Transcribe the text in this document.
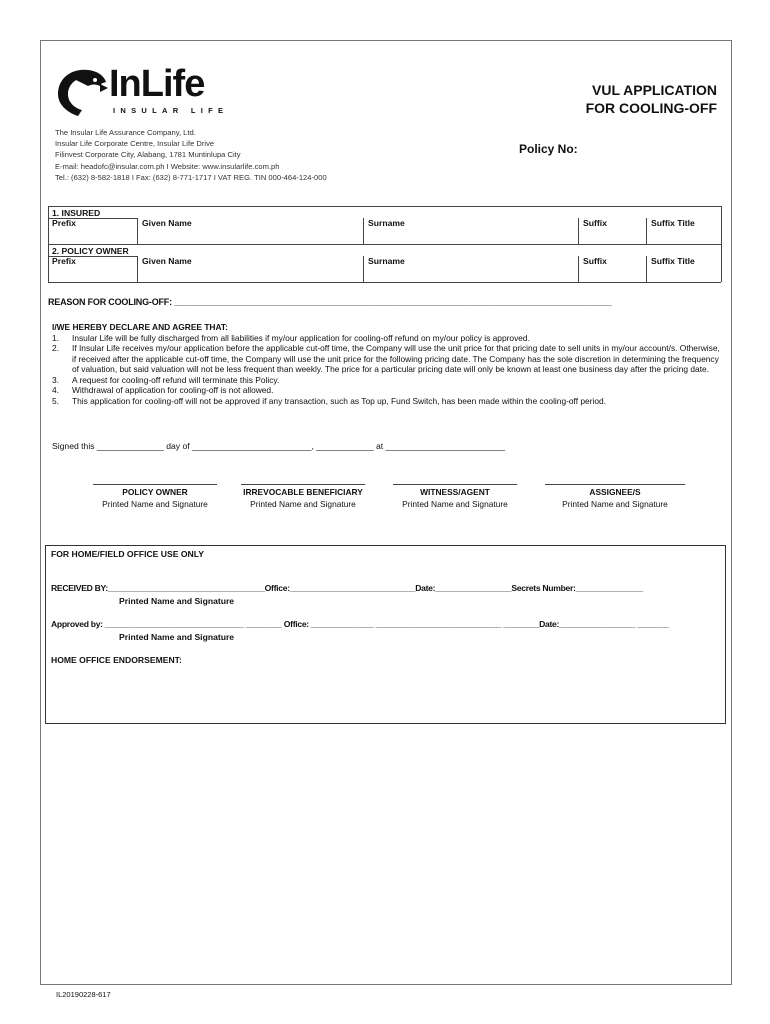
InLife
INSULAR LIFE
The Insular Life Assurance Company, Ltd.
Insular Life Corporate Centre, Insular Life Drive
Filinvest Corporate City, Alabang, 1781 Muntinlupa City
E-mail: headofc@insular.com.ph I Website: www.insularlife.com.ph
Tel.: (632) 8-582-1818 I Fax: (632) 8-771-1717 I VAT REG. TIN 000-464-124-000
VUL APPLICATION
FOR COOLING-OFF
Policy No:
1. INSURED
Prefix	Given Name	Surname	Suffix	Suffix Title
2. POLICY OWNER
Prefix	Given Name	Surname	Suffix	Suffix Title
REASON FOR COOLING-OFF: ___________________________________________________________________________________________
I/WE HEREBY DECLARE AND AGREE THAT:
1.	Insular Life will be fully discharged from all liabilities if my/our application for cooling-off refund on my/our policy is approved.
2.	If Insular Life receives my/our application before the applicable cut-off time, the Company will use the unit price for that pricing date to sell units in my/our account/s. Otherwise, if received after the applicable cut-off time, the Company will use the unit price for the following pricing date. The Company has the sole discretion in determining the frequency of valuation, but said valuation will not be less frequent than weekly. The price for a particular pricing date will only be known at least one business day after the pricing date.
3.	A request for cooling-off refund will terminate this Policy.
4.	Withdrawal of application for cooling-off is not allowed.
5.	This application for cooling-off will not be approved if any transaction, such as Top up, Fund Switch, has been made within the cooling-off period.
Signed this ______________ day of _________________________, ____________ at _________________________
POLICY OWNER
Printed Name and Signature
IRREVOCABLE BENEFICIARY
Printed Name and Signature
WITNESS/AGENT
Printed Name and Signature
ASSIGNEE/S
Printed Name and Signature
FOR HOME/FIELD OFFICE USE ONLY
RECEIVED BY:___________________________________Office:____________________________Date:_________________Secrets Number:_______________
Printed Name and Signature
Approved by: _______________________________ ________ Office: ______________ ____________________________ ________Date:_________________ _______
Printed Name and Signature
HOME OFFICE ENDORSEMENT:
IL20190228-617
